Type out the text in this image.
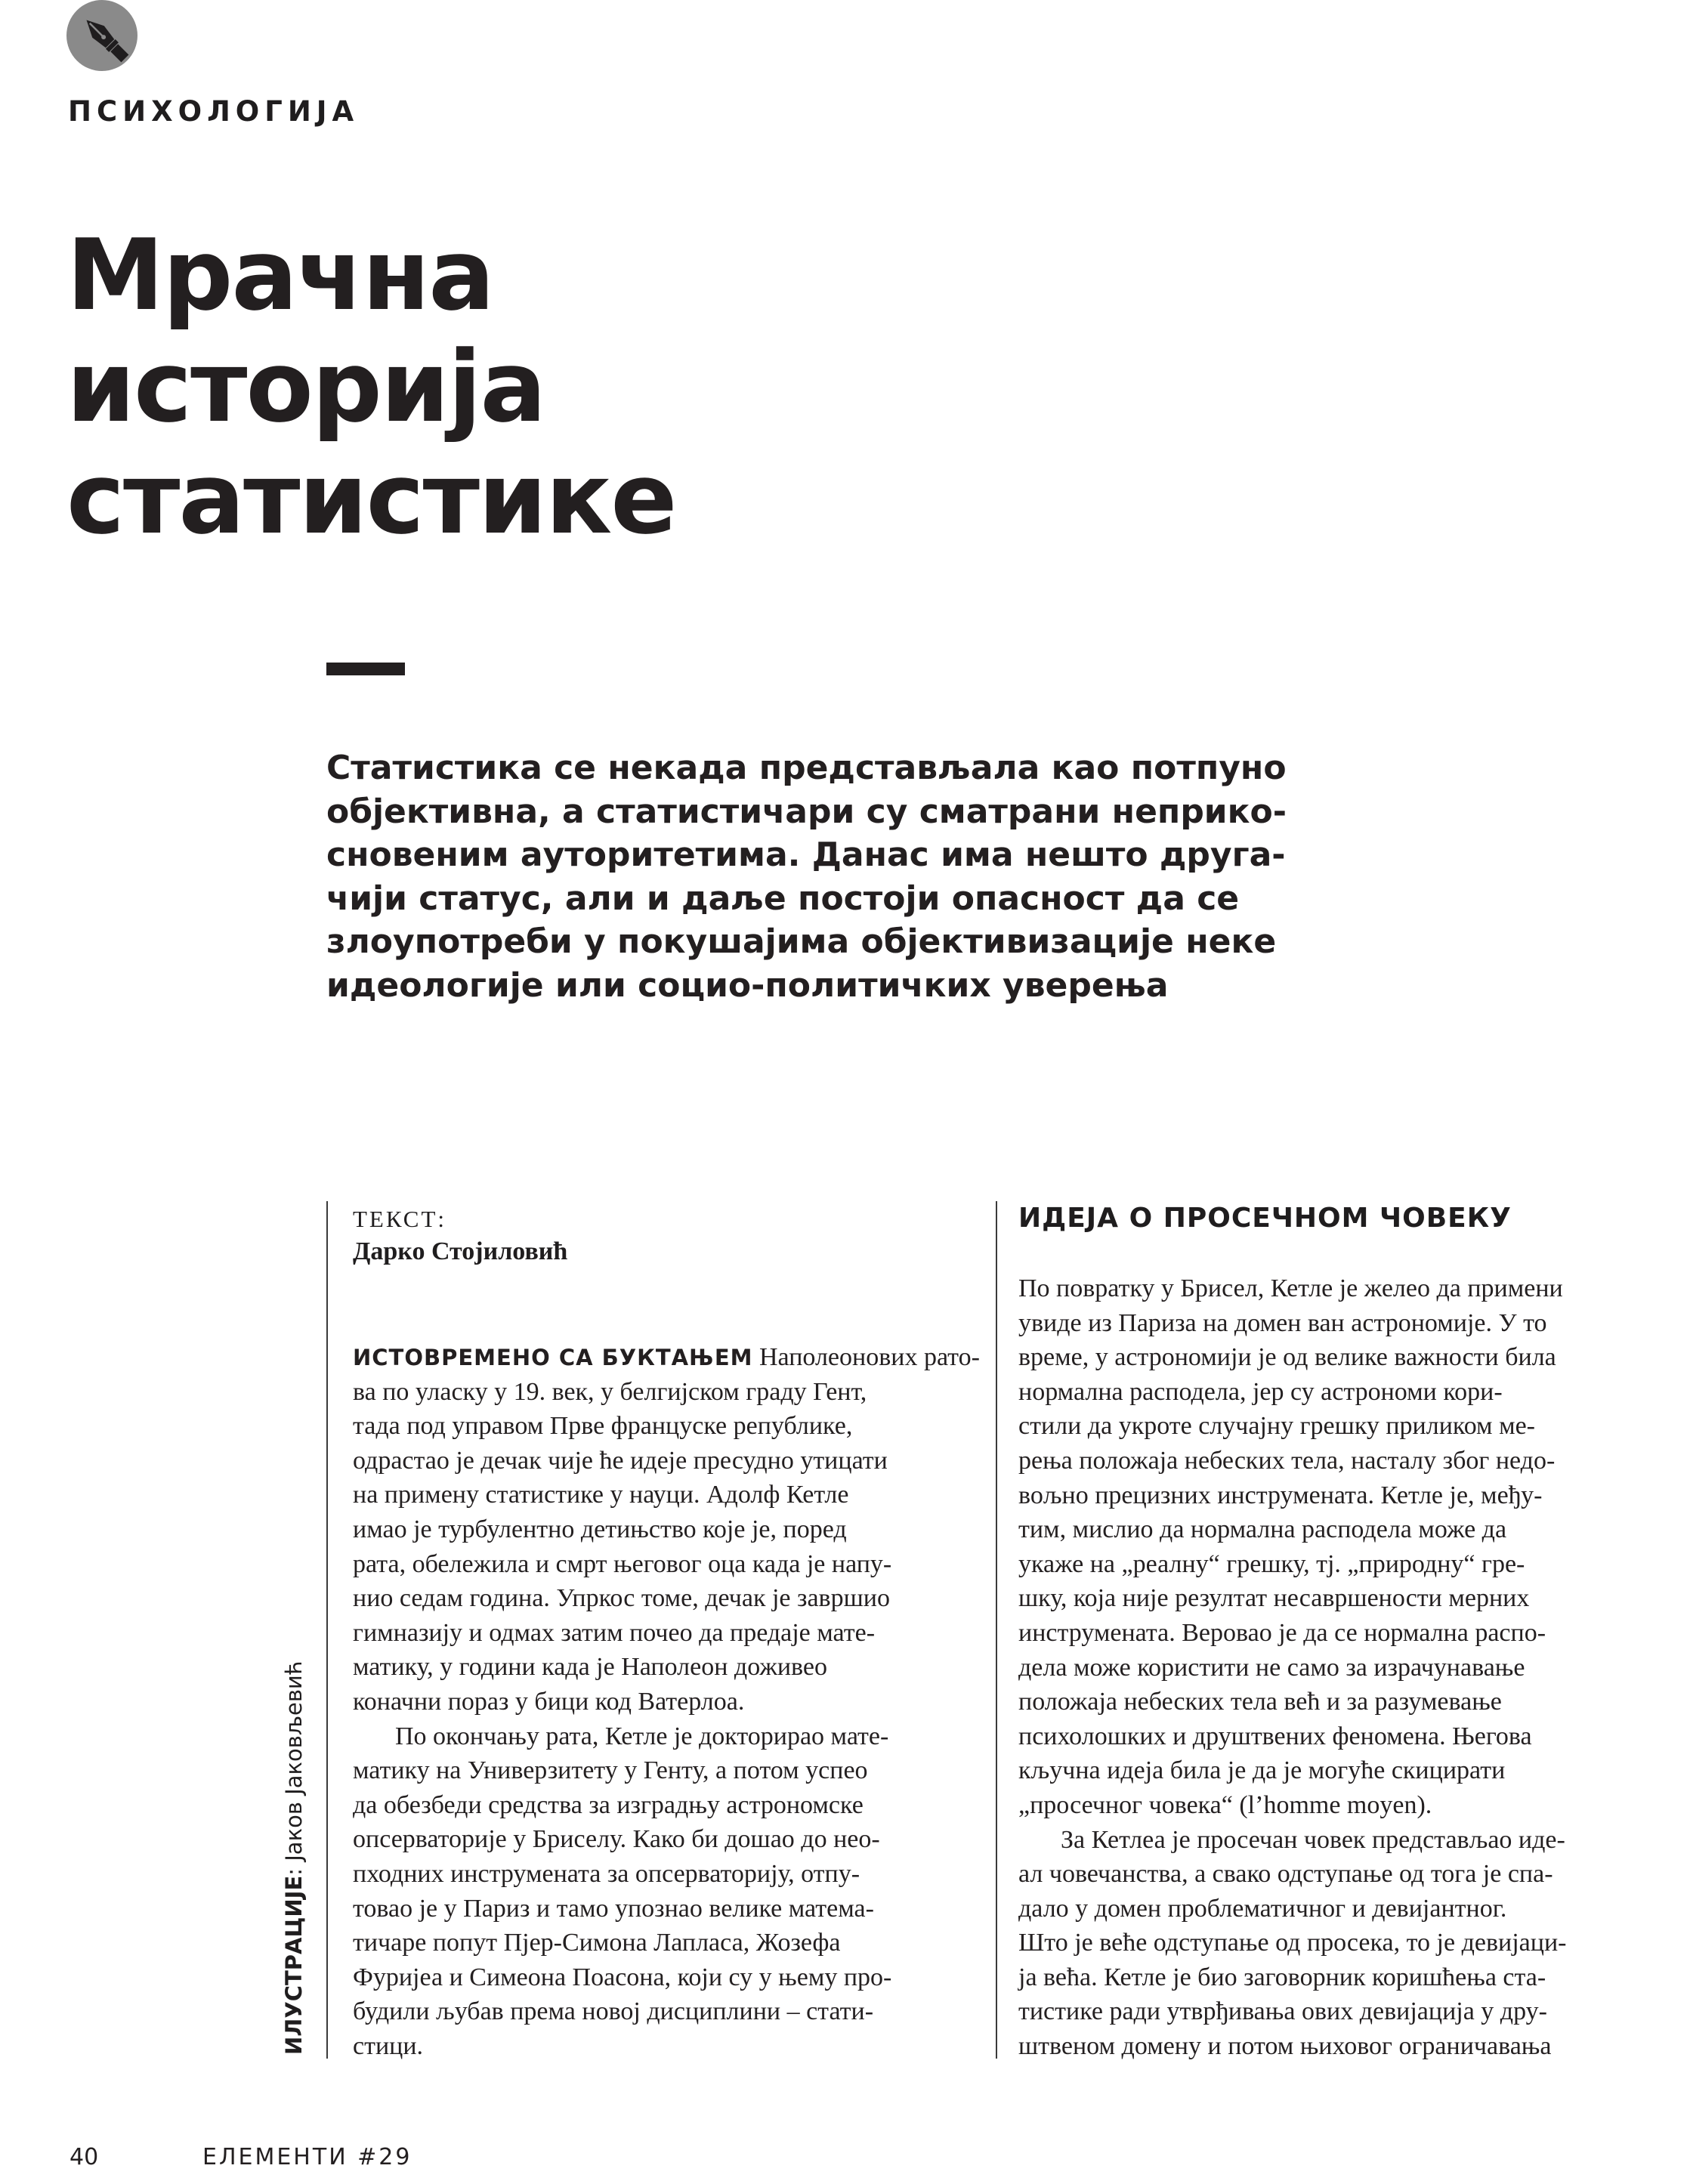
ПСИХОЛОГИЈА
Мрачна
историја
статистике
Статистика се некада представљала као потпуно
објективна, а статистичари су сматрани неприко-
сновеним ауторитетима. Данас има нешто друга-
чији статус, али и даље постоји опасност да се
злоупотреби у покушајима објективизације неке
идеологије или социо-политичких уверења
ИЛУСТРАЦИЈЕ: Јаков Јаковљевић
ТЕКСТ:
Дарко Стојиловић
ИСТОВРЕМЕНО СА БУКТАЊЕМ Наполеонових рато-
ва по уласку у 19. век, у белгијском граду Гент,
тада под управом Прве француске републике,
одрастао је дечак чије ће идеје пресудно утицати
на примену статистике у науци. Адолф Кетле
имао је турбулентно детињство које је, поред
рата, обележила и смрт његовог оца када је напу-
нио седам година. Упркос томе, дечак је завршио
гимназију и одмах затим почео да предаје мате-
матику, у години када је Наполеон доживео
коначни пораз у бици код Ватерлоа.
По окончању рата, Кетле је докторирао мате-
матику на Универзитету у Генту, а потом успео
да обезбеди средства за изградњу астрономске
опсерваторије у Бриселу. Како би дошао до нео-
пходних инструмената за опсерваторију, отпу-
товао је у Париз и тамо упознао велике матема-
тичаре попут Пјер-Симона Лапласа, Жозефа
Фуријеа и Симеона Поасона, који су у њему про-
будили љубав према новој дисциплини – стати-
стици.
ИДЕЈА О ПРОСЕЧНОМ ЧОВЕКУ
По повратку у Брисел, Кетле је желео да примени
увиде из Париза на домен ван астрономије. У то
време, у астрономији је од велике важности била
нормална расподела, јер су астрономи кори-
стили да укроте случајну грешку приликом ме-
рења положаја небеских тела, насталу због недо-
вољно прецизних инструмената. Кетле је, међу-
тим, мислио да нормална расподела може да
укаже на „реалну“ грешку, тј. „природну“ гре-
шку, која није резултат несавршености мерних
инструмената. Веровао је да се нормална распо-
дела може користити не само за израчунавање
положаја небеских тела већ и за разумевање
психолошких и друштвених феномена. Његова
кључна идеја била је да је могуће скицирати
„просечног човека“ (l’homme moyen).
За Кетлеа је просечан човек представљао иде-
ал човечанства, а свако одступање од тога је спа-
дало у домен проблематичног и девијантног.
Што је веће одступање од просека, то је девијаци-
ја већа. Кетле је био заговорник коришћења ста-
тистике ради утврђивања ових девијација у дру-
штвеном домену и потом њиховог ограничавања
40	ЕЛЕМЕНТИ #29
